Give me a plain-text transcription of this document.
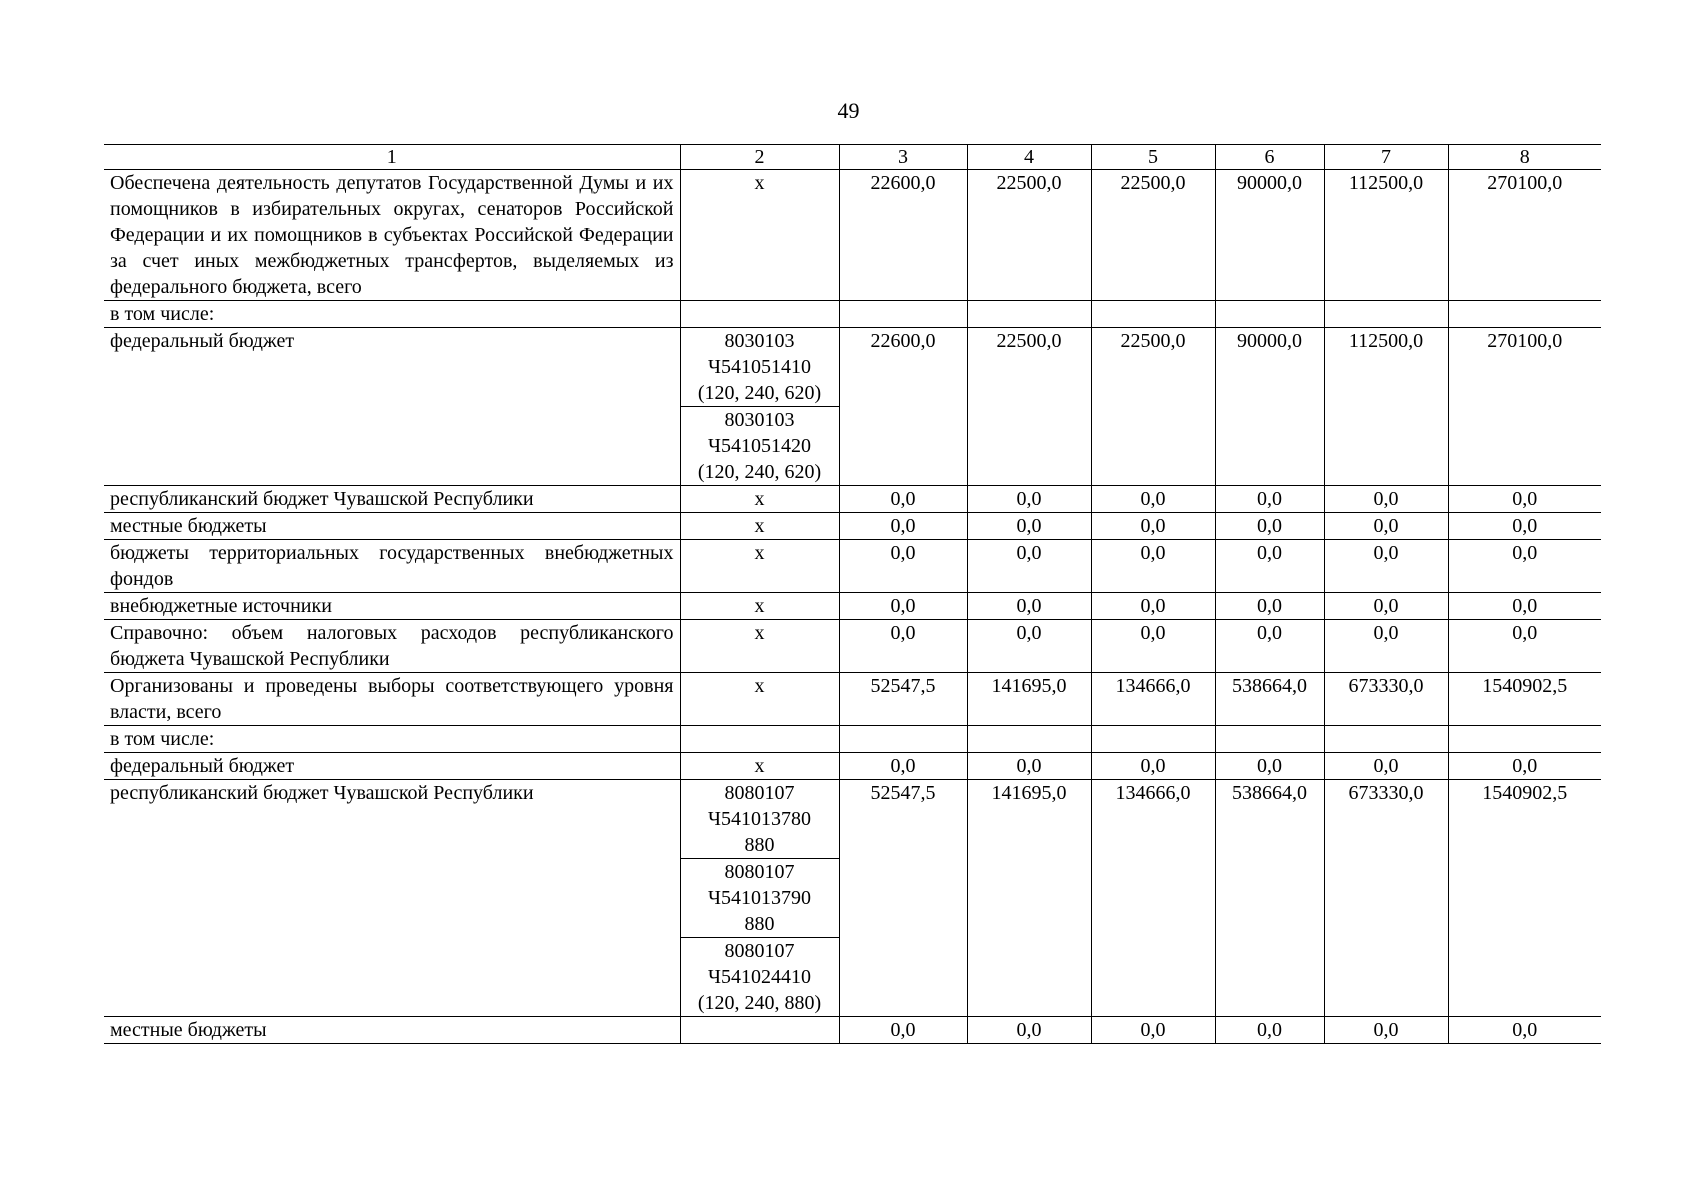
49
1	2	3	4	5	6	7	8
Обеспечена деятельность депутатов Государственной Думы и их помощников в избирательных округах, сенаторов Российской Федерации и их помощников в субъектах Российской Федерации за счет иных межбюджетных трансфертов, выделяемых из федерального бюджета, всего	х	22600,0	22500,0	22500,0	90000,0	112500,0	270100,0
в том числе:							
федеральный бюджет	8030103
Ч541051410
(120, 240, 620)	22600,0	22500,0	22500,0	90000,0	112500,0	270100,0

	8030103
Ч541051420
(120, 240, 620)						

республиканский бюджет Чувашской Республики	х	0,0	0,0	0,0	0,0	0,0	0,0
местные бюджеты	х	0,0	0,0	0,0	0,0	0,0	0,0
бюджеты территориальных государственных внебюджетных фондов	х	0,0	0,0	0,0	0,0	0,0	0,0
внебюджетные источники	х	0,0	0,0	0,0	0,0	0,0	0,0
Справочно: объем налоговых расходов республиканского бюджета Чувашской Республики	х	0,0	0,0	0,0	0,0	0,0	0,0
Организованы и проведены выборы соответствующего уровня власти, всего	х	52547,5	141695,0	134666,0	538664,0	673330,0	1540902,5
в том числе:							
федеральный бюджет	х	0,0	0,0	0,0	0,0	0,0	0,0
республиканский бюджет Чувашской Республики	8080107
Ч541013780
880	52547,5	141695,0	134666,0	538664,0	673330,0	1540902,5

	8080107
Ч541013790
880						

	8080107
Ч541024410
(120, 240, 880)						

местные бюджеты		0,0	0,0	0,0	0,0	0,0	0,0
